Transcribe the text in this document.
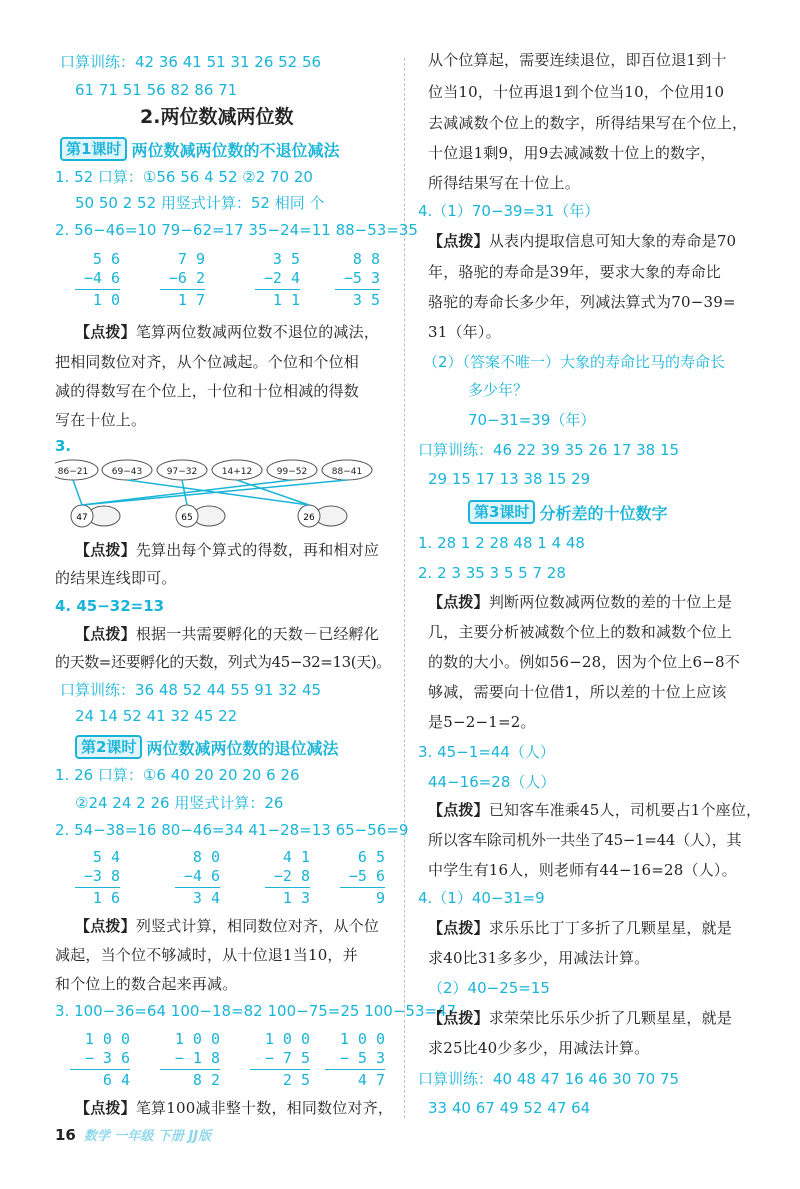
口算训练：42 36 41 51 31 26 52 56
61 71 51 56 82 86 71
2.两位数减两位数
第1课时 两位数减两位数的不退位减法
1. 52 口算：①56 56 4 52 ②2 70 20
50 50 2 52 用竖式计算：52 相同 个
2. 56−46=10 79−62=17 35−24=11 88−53=35
5 6
−4 6
1 0
7 9
−6 2
1 7
3 5
−2 4
1 1
8 8
−5 3
3 5
【点拨】笔算两位数减两位数不退位的减法，
把相同数位对齐，从个位减起。个位和个位相
减的得数写在个位上，十位和十位相减的得数
写在十位上。
3.
86−21	69−43	97−32	14+12	99−52	88−41
47	65	26
【点拨】先算出每个算式的得数，再和相对应
的结果连线即可。
4. 45−32=13
【点拨】根据一共需要孵化的天数－已经孵化
的天数=还要孵化的天数，列式为45−32=13(天)。
口算训练：36 48 52 44 55 91 32 45
24 14 52 41 32 45 22
第2课时 两位数减两位数的退位减法
1. 26 口算：①6 40 20 20 20 6 26
②24 24 2 26 用竖式计算：26
2. 54−38=16 80−46=34 41−28=13 65−56=9
5 4
−3 8
1 6
8 0
−4 6
3 4
4 1
−2 8
1 3
6 5
−5 6
9
【点拨】列竖式计算，相同数位对齐，从个位
减起，当个位不够减时，从十位退1当10，并
和个位上的数合起来再减。
3. 100−36=64 100−18=82 100−75=25 100−53=47
1 0 0
− 3 6
6 4
1 0 0
− 1 8
8 2
1 0 0
− 7 5
2 5
1 0 0
− 5 3
4 7
【点拨】笔算100减非整十数，相同数位对齐，
从个位算起，需要连续退位，即百位退1到十
位当10，十位再退1到个位当10，个位用10
去减减数个位上的数字，所得结果写在个位上，
十位退1剩9，用9去减减数十位上的数字，
所得结果写在十位上。
4.（1）70−39=31（年）
【点拨】从表内提取信息可知大象的寿命是70
年，骆驼的寿命是39年，要求大象的寿命比
骆驼的寿命长多少年，列减法算式为70−39=
31（年）。
（2）（答案不唯一）大象的寿命比马的寿命长
多少年？
70−31=39（年）
口算训练：46 22 39 35 26 17 38 15
29 15 17 13 38 15 29
第3课时 分析差的十位数字
1. 28 1 2 28 48 1 4 48
2. 2 3 35 3 5 5 7 28
【点拨】判断两位数减两位数的差的十位上是
几，主要分析被减数个位上的数和减数个位上
的数的大小。例如56−28，因为个位上6−8不
够减，需要向十位借1，所以差的十位上应该
是5−2−1=2。
3. 45−1=44（人）
44−16=28（人）
【点拨】已知客车准乘45人，司机要占1个座位，
所以客车除司机外一共坐了45−1=44（人），其
中学生有16人，则老师有44−16=28（人）。
4.（1）40−31=9
【点拨】求乐乐比丁丁多折了几颗星星，就是
求40比31多多少，用减法计算。
（2）40−25=15
【点拨】求荣荣比乐乐少折了几颗星星，就是
求25比40少多少，用减法计算。
口算训练：40 48 47 16 46 30 70 75
33 40 67 49 52 47 64
16 数学 一年级 下册 JJ版
